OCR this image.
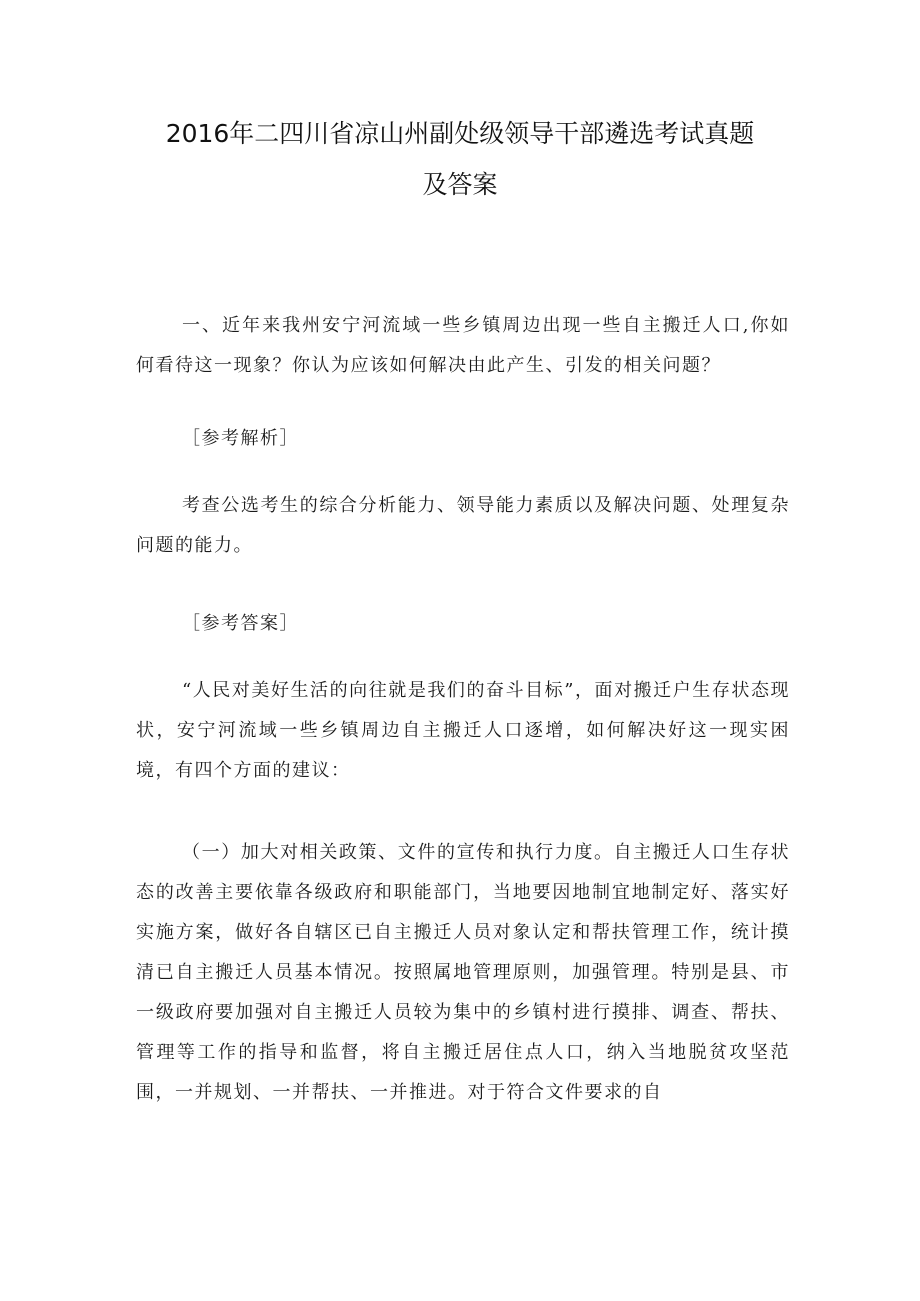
2016年二四川省凉山州副处级领导干部遴选考试真题
及答案

一、近年来我州安宁河流域一些乡镇周边出现一些自主搬迁人口,你如何看待这一现象？你认为应该如何解决由此产生、引发的相关问题？

［参考解析］

考查公选考生的综合分析能力、领导能力素质以及解决问题、处理复杂问题的能力。

［参考答案］

“人民对美好生活的向往就是我们的奋斗目标”，面对搬迁户生存状态现状，安宁河流域一些乡镇周边自主搬迁人口逐增，如何解决好这一现实困境，有四个方面的建议：

（一）加大对相关政策、文件的宣传和执行力度。自主搬迁人口生存状态的改善主要依靠各级政府和职能部门，当地要因地制宜地制定好、落实好实施方案，做好各自辖区已自主搬迁人员对象认定和帮扶管理工作，统计摸清已自主搬迁人员基本情况。按照属地管理原则，加强管理。特别是县、市一级政府要加强对自主搬迁人员较为集中的乡镇村进行摸排、调查、帮扶、管理等工作的指导和监督，将自主搬迁居住点人口，纳入当地脱贫攻坚范围，一并规划、一并帮扶、一并推进。对于符合文件要求的自
